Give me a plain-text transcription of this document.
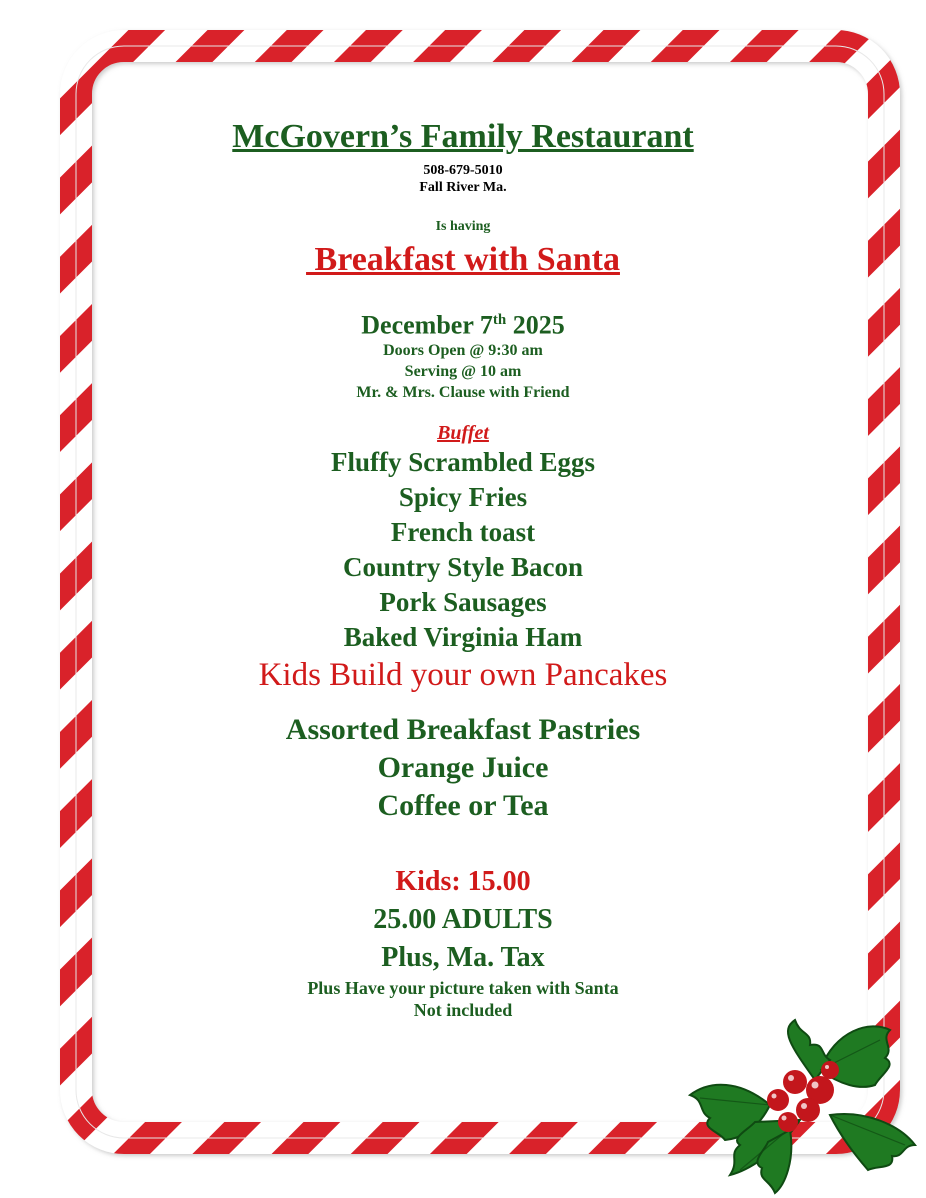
McGovern’s Family Restaurant
508-679-5010
Fall River Ma.
Is having
Breakfast with Santa
December 7th 2025
Doors Open @ 9:30 am
Serving @ 10 am
Mr. & Mrs. Clause with Friend
Buffet
Fluffy Scrambled Eggs
Spicy Fries
French toast
Country Style Bacon
Pork Sausages
Baked Virginia Ham
Kids Build your own Pancakes
Assorted Breakfast Pastries
Orange Juice
Coffee or Tea
Kids: 15.00
25.00 ADULTS
Plus, Ma. Tax
Plus Have your picture taken with Santa
Not included
